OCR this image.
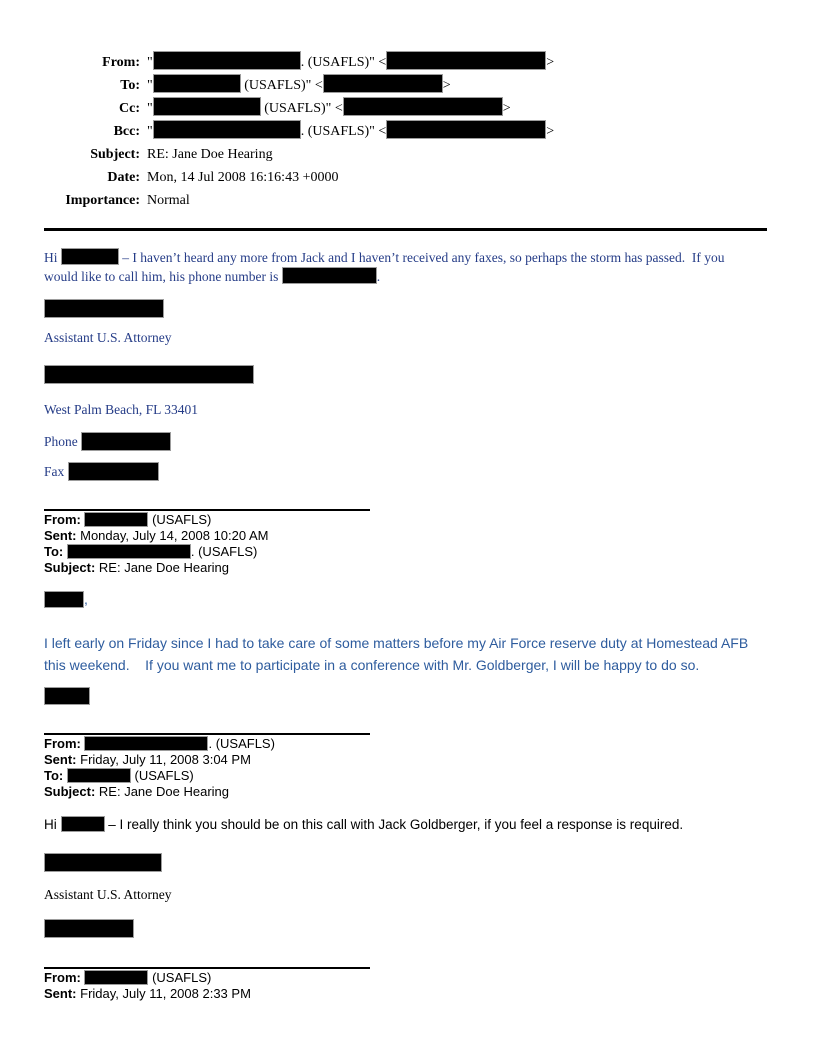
From: "	. (USAFLS)" <	>
To: "	(USAFLS)" <	>
Cc: "	(USAFLS)" <	>
Bcc: "	. (USAFLS)" <	>
Subject: RE: Jane Doe Hearing
Date: Mon, 14 Jul 2008 16:16:43 +0000
Importance: Normal

Hi	– I haven’t heard any more from Jack and I haven’t received any faxes, so perhaps the storm has passed.  If you would like to call him, his phone number is	.

Assistant U.S. Attorney

West Palm Beach, FL 33401

Phone
Fax
From:	(USAFLS)
Sent: Monday, July 14, 2008 10:20 AM
To:	. (USAFLS)
Subject: RE: Jane Doe Hearing
,

I left early on Friday since I had to take care of some matters before my Air Force reserve duty at Homestead AFB this weekend.    If you want me to participate in a conference with Mr. Goldberger, I will be happy to do so.

From:	. (USAFLS)
Sent: Friday, July 11, 2008 3:04 PM
To:	(USAFLS)
Subject: RE: Jane Doe Hearing

Hi	– I really think you should be on this call with Jack Goldberger, if you feel a response is required.

Assistant U.S. Attorney

From:	(USAFLS)
Sent: Friday, July 11, 2008 2:33 PM
